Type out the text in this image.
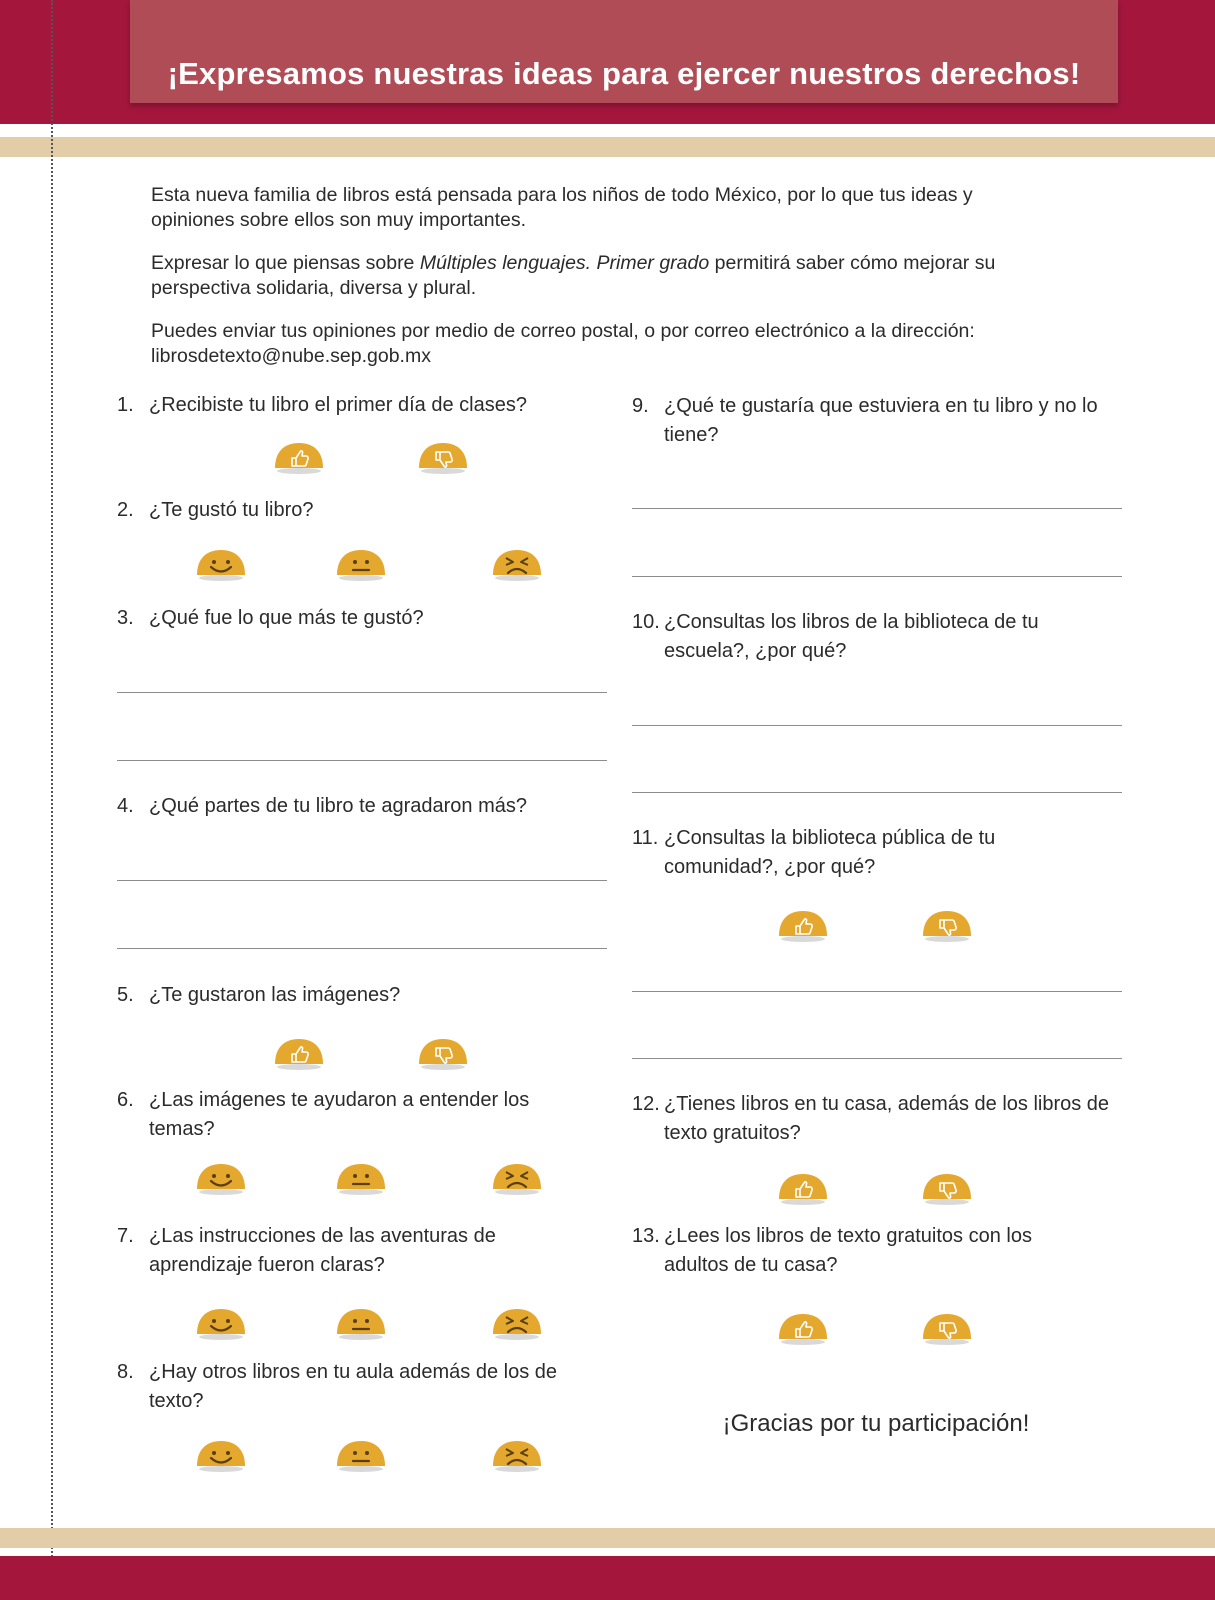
¡Expresamos nuestras ideas para ejercer nuestros derechos!
Esta nueva familia de libros está pensada para los niños de todo México, por lo que tus ideas y opiniones sobre ellos son muy importantes.
Expresar lo que piensas sobre Múltiples lenguajes. Primer grado permitirá saber cómo mejorar su perspectiva solidaria, diversa y plural.
Puedes enviar tus opiniones por medio de correo postal, o por correo electrónico a la dirección: librosdetexto@nube.sep.gob.mx
1. ¿Recibiste tu libro el primer día de clases?
2. ¿Te gustó tu libro?
3. ¿Qué fue lo que más te gustó?
4. ¿Qué partes de tu libro te agradaron más?
5. ¿Te gustaron las imágenes?
6. ¿Las imágenes te ayudaron a entender los
temas?
7. ¿Las instrucciones de las aventuras de
aprendizaje fueron claras?
8. ¿Hay otros libros en tu aula además de los de
texto?
9. ¿Qué te gustaría que estuviera en tu libro y no lo
tiene?
10. ¿Consultas los libros de la biblioteca de tu
escuela?, ¿por qué?
11. ¿Consultas la biblioteca pública de tu
comunidad?, ¿por qué?
12. ¿Tienes libros en tu casa, además de los libros de
texto gratuitos?
13. ¿Lees los libros de texto gratuitos con los
adultos de tu casa?
¡Gracias por tu participación!
